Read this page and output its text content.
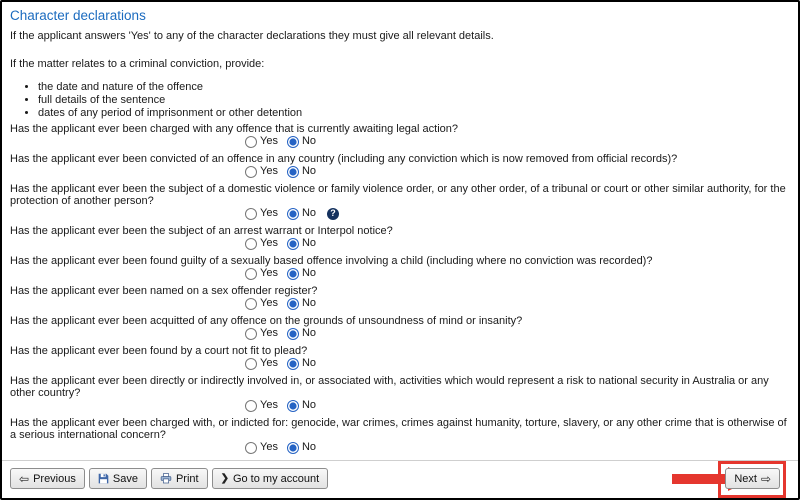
Character declarations

If the applicant answers 'Yes' to any of the character declarations they must give all relevant details.

If the matter relates to a criminal conviction, provide:

• the date and nature of the offence
• full details of the sentence
• dates of any period of imprisonment or other detention
Has the applicant ever been charged with any offence that is currently awaiting legal action?
Yes No
Has the applicant ever been convicted of an offence in any country (including any conviction which is now removed from official records)?
Yes No
Has the applicant ever been the subject of a domestic violence or family violence order, or any other order, of a tribunal or court or other similar authority, for the protection of another person?
Yes No	?
Has the applicant ever been the subject of an arrest warrant or Interpol notice?
Yes No
Has the applicant ever been found guilty of a sexually based offence involving a child (including where no conviction was recorded)?
Yes No
Has the applicant ever been named on a sex offender register?
Yes No
Has the applicant ever been acquitted of any offence on the grounds of unsoundness of mind or insanity?
Yes No
Has the applicant ever been found by a court not fit to plead?
Yes No
Has the applicant ever been directly or indirectly involved in, or associated with, activities which would represent a risk to national security in Australia or any other country?
Yes No
Has the applicant ever been charged with, or indicted for: genocide, war crimes, crimes against humanity, torture, slavery, or any other crime that is otherwise of a serious international concern?
Yes No
⇦ Previous	Save	Print ❯ Go to my account	Next ⇨
